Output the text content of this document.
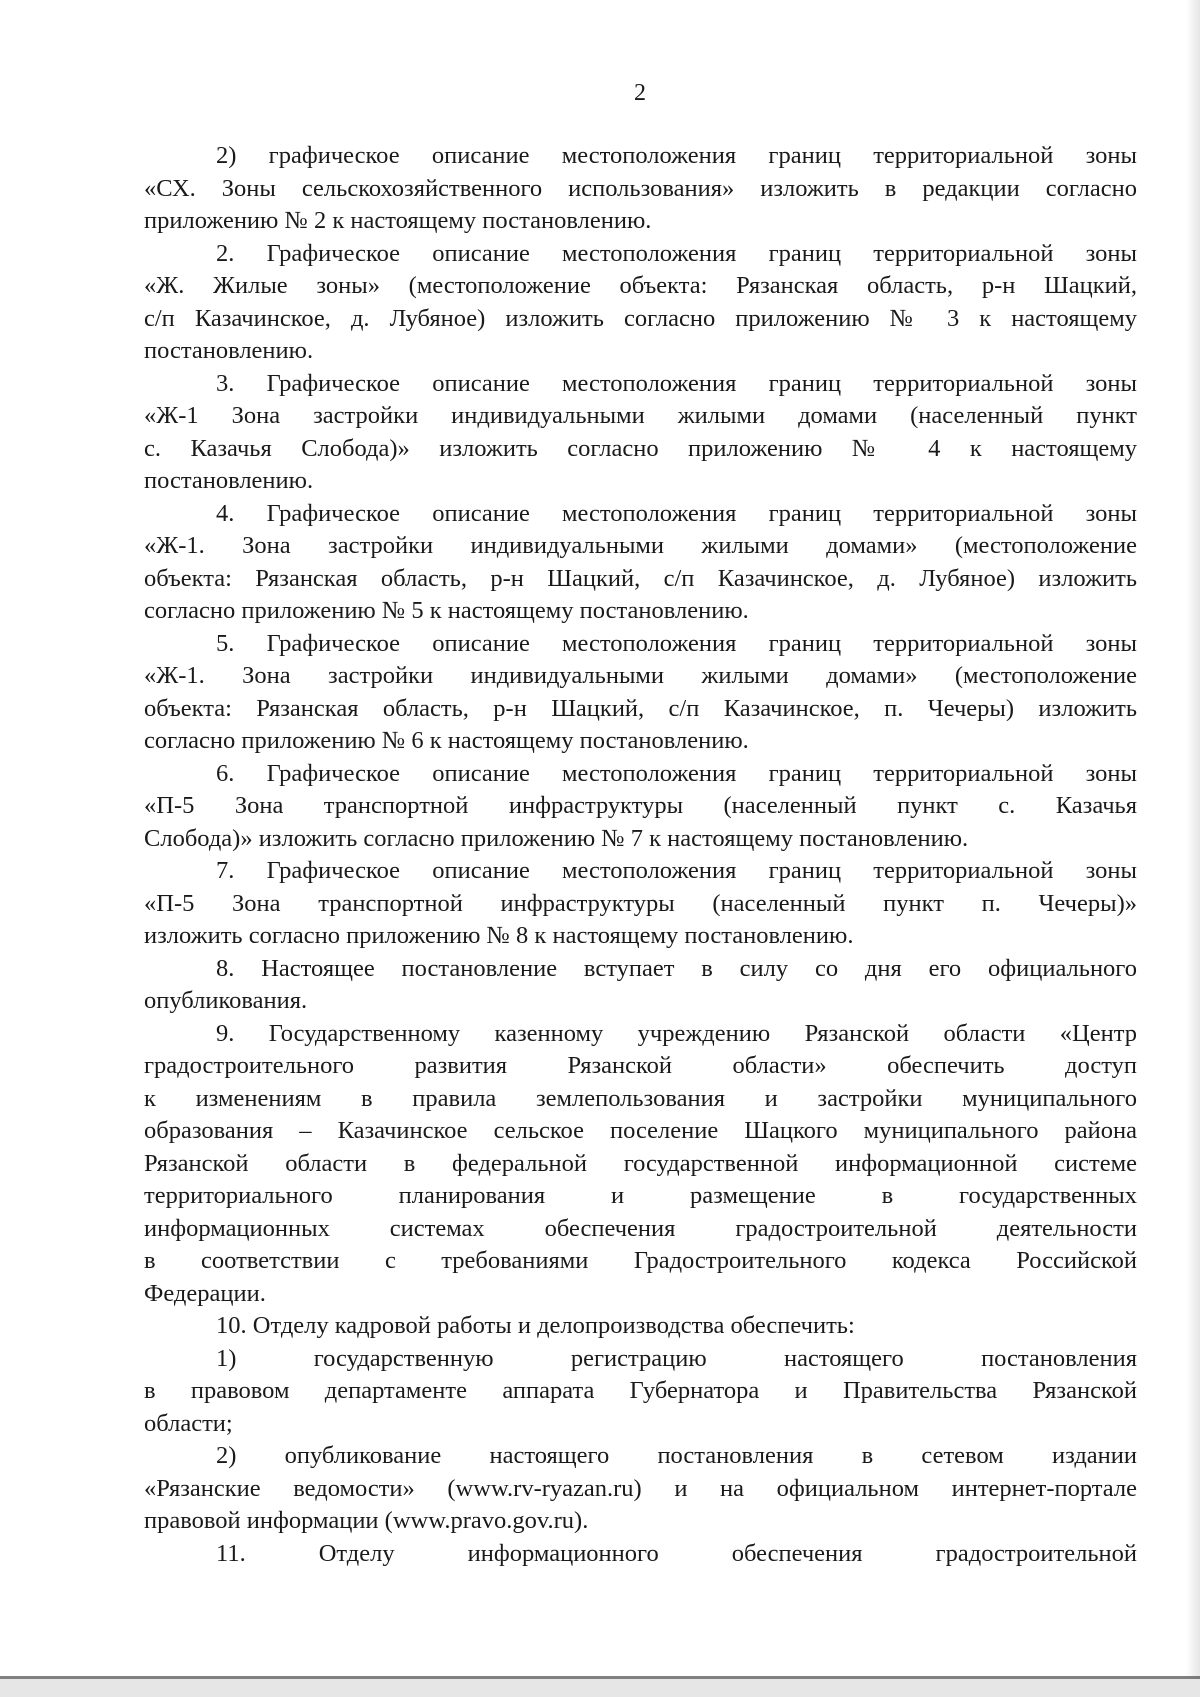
2
2) графическое описание местоположения границ территориальной зоны
«СХ. Зоны сельскохозяйственного использования» изложить в редакции согласно
приложению № 2 к настоящему постановлению.
2. Графическое описание местоположения границ территориальной зоны
«Ж. Жилые зоны» (местоположение объекта: Рязанская область, р-н Шацкий,
с/п Казачинское, д. Лубяное) изложить согласно приложению № 3 к настоящему
постановлению.
3. Графическое описание местоположения границ территориальной зоны
«Ж-1 Зона застройки индивидуальными жилыми домами (населенный пункт
с. Казачья Слобода)» изложить согласно приложению № 4 к настоящему
постановлению.
4. Графическое описание местоположения границ территориальной зоны
«Ж-1. Зона застройки индивидуальными жилыми домами» (местоположение
объекта: Рязанская область, р-н Шацкий, с/п Казачинское, д. Лубяное) изложить
согласно приложению № 5 к настоящему постановлению.
5. Графическое описание местоположения границ территориальной зоны
«Ж-1. Зона застройки индивидуальными жилыми домами» (местоположение
объекта: Рязанская область, р-н Шацкий, с/п Казачинское, п. Чечеры) изложить
согласно приложению № 6 к настоящему постановлению.
6. Графическое описание местоположения границ территориальной зоны
«П-5 Зона транспортной инфраструктуры (населенный пункт с. Казачья
Слобода)» изложить согласно приложению № 7 к настоящему постановлению.
7. Графическое описание местоположения границ территориальной зоны
«П-5 Зона транспортной инфраструктуры (населенный пункт п. Чечеры)»
изложить согласно приложению № 8 к настоящему постановлению.
8. Настоящее постановление вступает в силу со дня его официального
опубликования.
9. Государственному казенному учреждению Рязанской области «Центр
градостроительного развития Рязанской области» обеспечить доступ
к изменениям в правила землепользования и застройки муниципального
образования – Казачинское сельское поселение Шацкого муниципального района
Рязанской области в федеральной государственной информационной системе
территориального планирования и размещение в государственных
информационных системах обеспечения градостроительной деятельности
в соответствии с требованиями Градостроительного кодекса Российской
Федерации.
10. Отделу кадровой работы и делопроизводства обеспечить:
1) государственную регистрацию настоящего постановления
в правовом департаменте аппарата Губернатора и Правительства Рязанской
области;
2) опубликование настоящего постановления в сетевом издании
«Рязанские ведомости» (www.rv-ryazan.ru) и на официальном интернет-портале
правовой информации (www.pravo.gov.ru).
11. Отделу информационного обеспечения градостроительной
